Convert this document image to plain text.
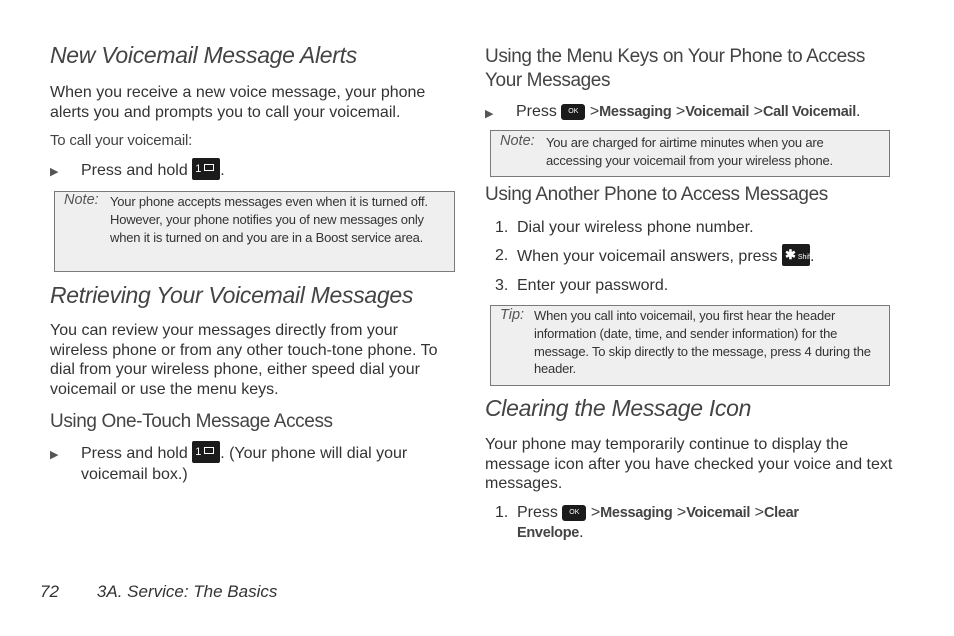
New Voicemail Message Alerts
When you receive a new voice message, your phone alerts you and prompts you to call your voicemail.
To call your voicemail:
▶ Press and hold 1 .
Note: Your phone accepts messages even when it is turned off. However, your phone notifies you of new messages only when it is turned on and you are in a Boost service area.
Retrieving Your Voicemail Messages
You can review your messages directly from your wireless phone or from any other touch-tone phone. To dial from your wireless phone, either speed dial your voicemail or use the menu keys.
Using One-Touch Message Access
▶ Press and hold 1 . (Your phone will dial your voicemail box.)
Using the Menu Keys on Your Phone to Access Your Messages
▶ Press OK >Messaging >Voicemail >Call Voicemail.
Note: You are charged for airtime minutes when you are accessing your voicemail from your wireless phone.
Using Another Phone to Access Messages
1. Dial your wireless phone number.
2. When your voicemail answers, press ✱ Shift.
3. Enter your password.
Tip: When you call into voicemail, you first hear the header information (date, time, and sender information) for the message. To skip directly to the message, press 4 during the header.
Clearing the Message Icon
Your phone may temporarily continue to display the message icon after you have checked your voice and text messages.
1. Press OK >Messaging >Voicemail >Clear Envelope.
72 3A. Service: The Basics
